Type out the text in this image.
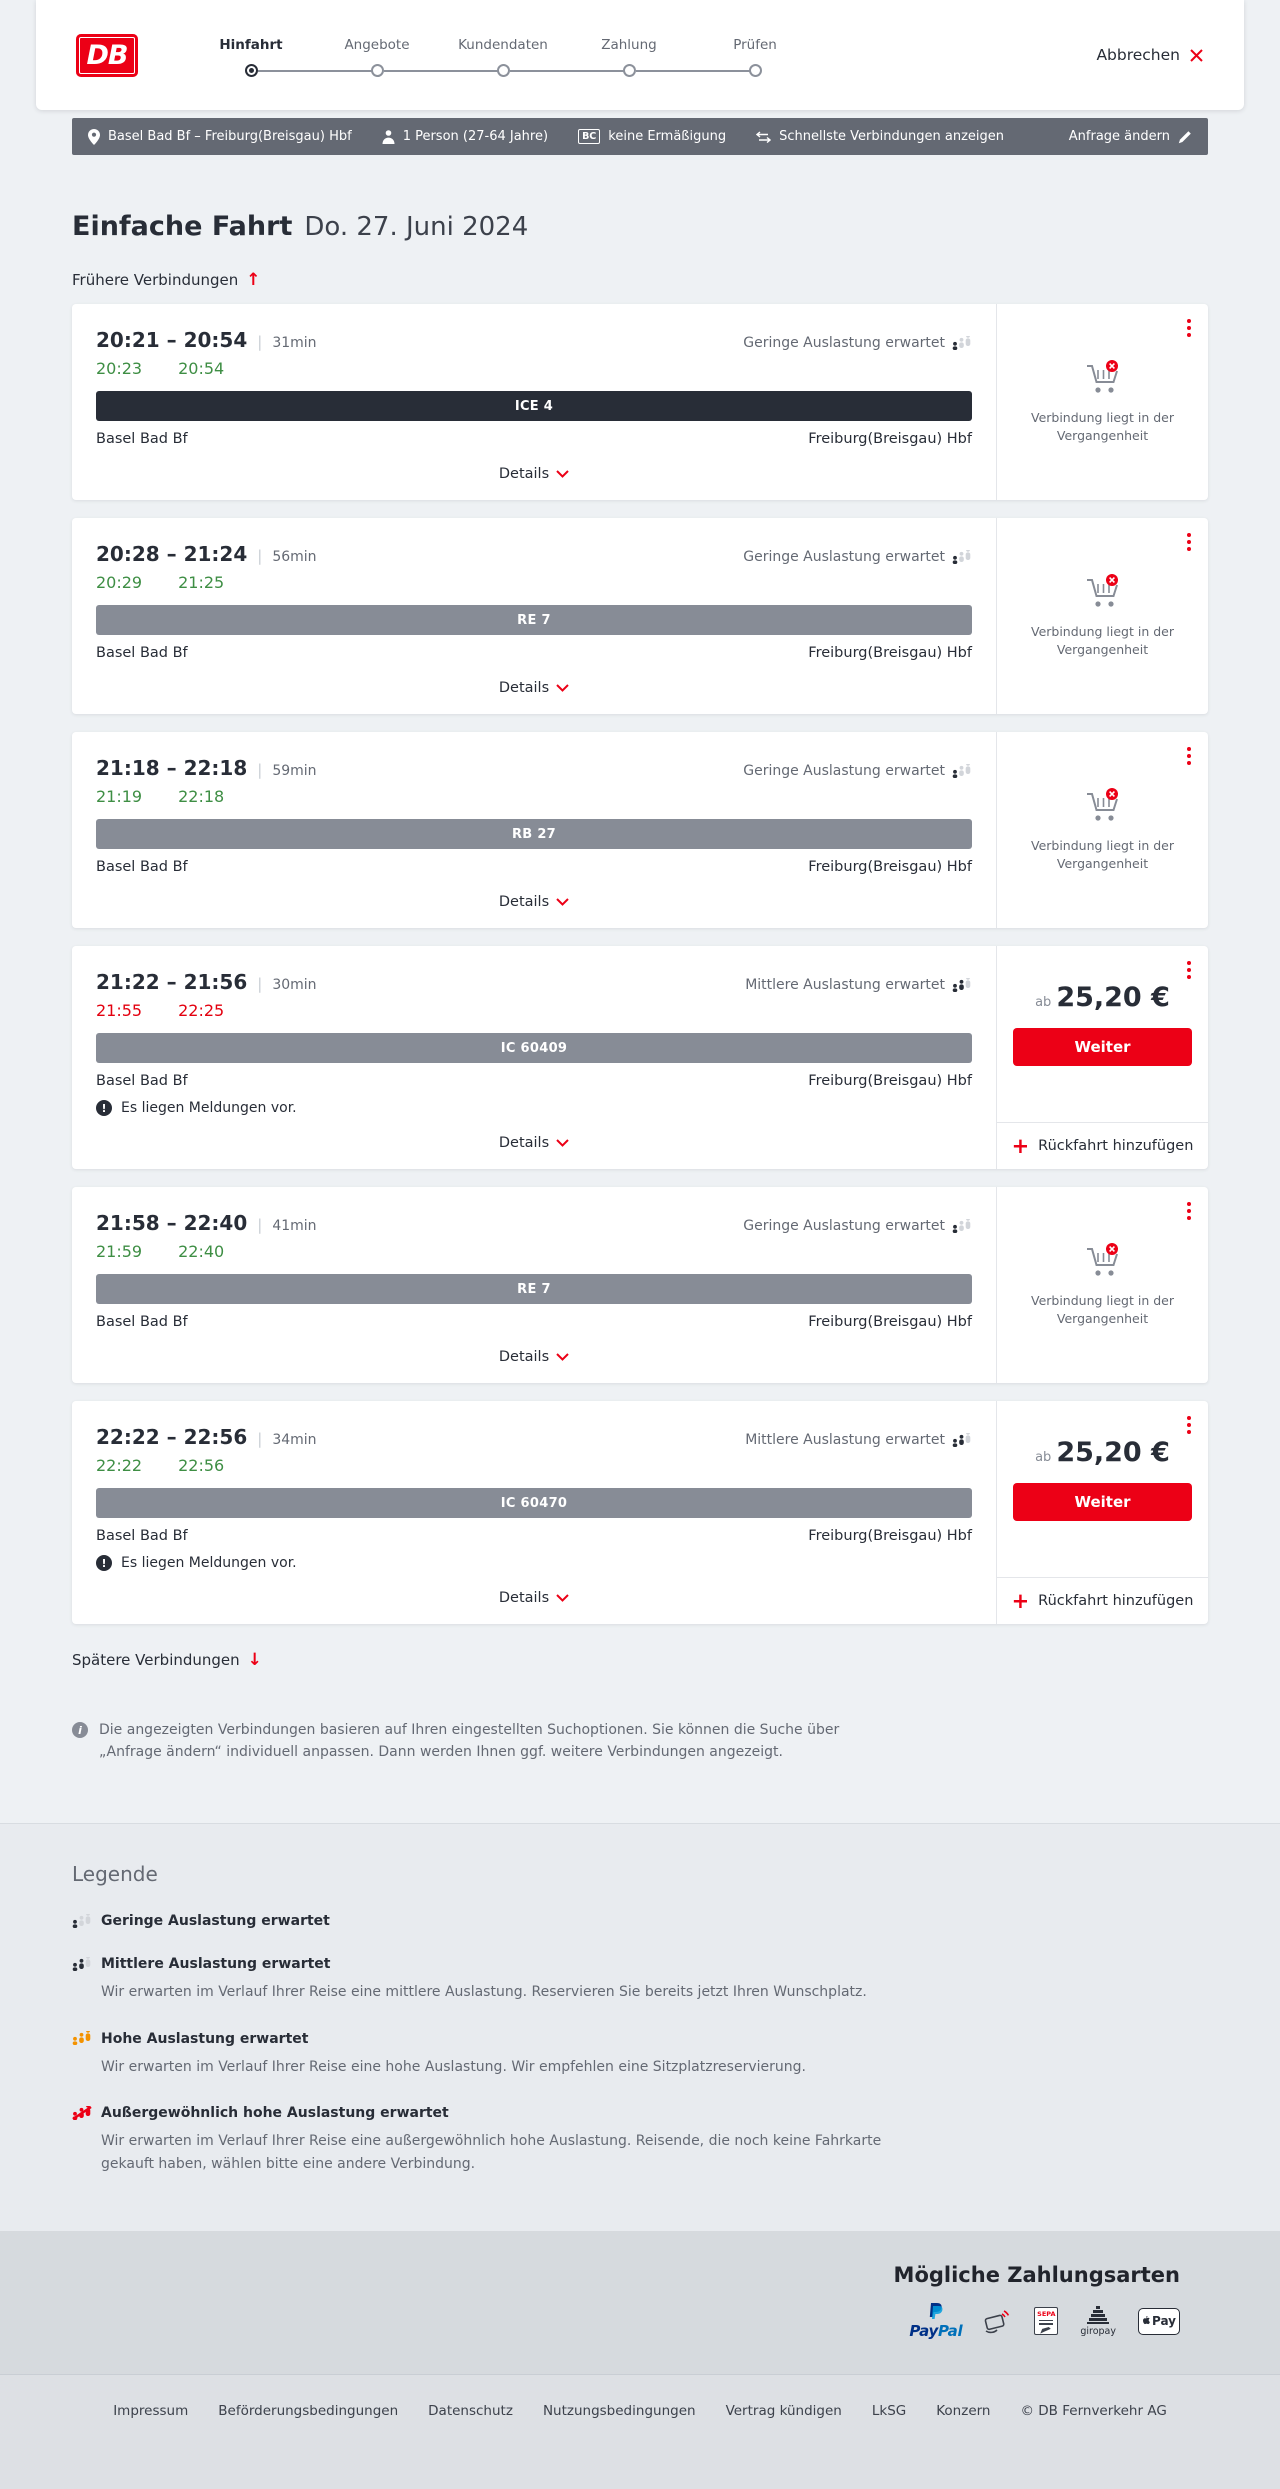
DB	Hinfahrt	Angebote	Kundendaten	Zahlung	Prüfen
Abbrechen
Basel Bad Bf – Freiburg(Breisgau) Hbf	1 Person (27-64 Jahre)	BC keine Ermäßigung	Schnellste Verbindungen anzeigen	Anfrage ändern
Einfache Fahrt Do. 27. Juni 2024
Frühere Verbindungen ↑
20:21 – 20:54 | 31min	Geringe Auslastung erwartet
20:23 20:54
ICE 4
Basel Bad Bf	Freiburg(Breisgau) Hbf
Details
Verbindung liegt in der Vergangenheit
20:28 – 21:24 | 56min	Geringe Auslastung erwartet
20:29 21:25
RE 7
Basel Bad Bf	Freiburg(Breisgau) Hbf
Details
Verbindung liegt in der Vergangenheit
21:18 – 22:18 | 59min	Geringe Auslastung erwartet
21:19 22:18
RB 27
Basel Bad Bf	Freiburg(Breisgau) Hbf
Details
Verbindung liegt in der Vergangenheit
21:22 – 21:56 | 30min	Mittlere Auslastung erwartet
21:55 22:25
IC 60409
Basel Bad Bf	Freiburg(Breisgau) Hbf
!	Es liegen Meldungen vor.
Details
ab 25,20 €
Weiter
+ Rückfahrt hinzufügen
21:58 – 22:40 | 41min	Geringe Auslastung erwartet
21:59 22:40
RE 7
Basel Bad Bf	Freiburg(Breisgau) Hbf
Details
Verbindung liegt in der Vergangenheit
22:22 – 22:56 | 34min	Mittlere Auslastung erwartet
22:22 22:56
IC 60470
Basel Bad Bf	Freiburg(Breisgau) Hbf
!	Es liegen Meldungen vor.
Details
ab 25,20 €
Weiter
+ Rückfahrt hinzufügen
Spätere Verbindungen ↓
i	Die angezeigten Verbindungen basieren auf Ihren eingestellten Suchoptionen. Sie können die Suche über „Anfrage ändern“ individuell anpassen. Dann werden Ihnen ggf. weitere Verbindungen angezeigt.
Legende
Geringe Auslastung erwartet
Mittlere Auslastung erwartet
Wir erwarten im Verlauf Ihrer Reise eine mittlere Auslastung. Reservieren Sie bereits jetzt Ihren Wunschplatz.
Hohe Auslastung erwartet
Wir erwarten im Verlauf Ihrer Reise eine hohe Auslastung. Wir empfehlen eine Sitzplatzreservierung.
Außergewöhnlich hohe Auslastung erwartet
Wir erwarten im Verlauf Ihrer Reise eine außergewöhnlich hohe Auslastung. Reisende, die noch keine Fahrkarte gekauft haben, wählen bitte eine andere Verbindung.
Mögliche Zahlungsarten
PayPal
SEPA
giropay
Pay
Impressum Beförderungsbedingungen Datenschutz Nutzungsbedingungen Vertrag kündigen LkSG Konzern © DB Fernverkehr AG
